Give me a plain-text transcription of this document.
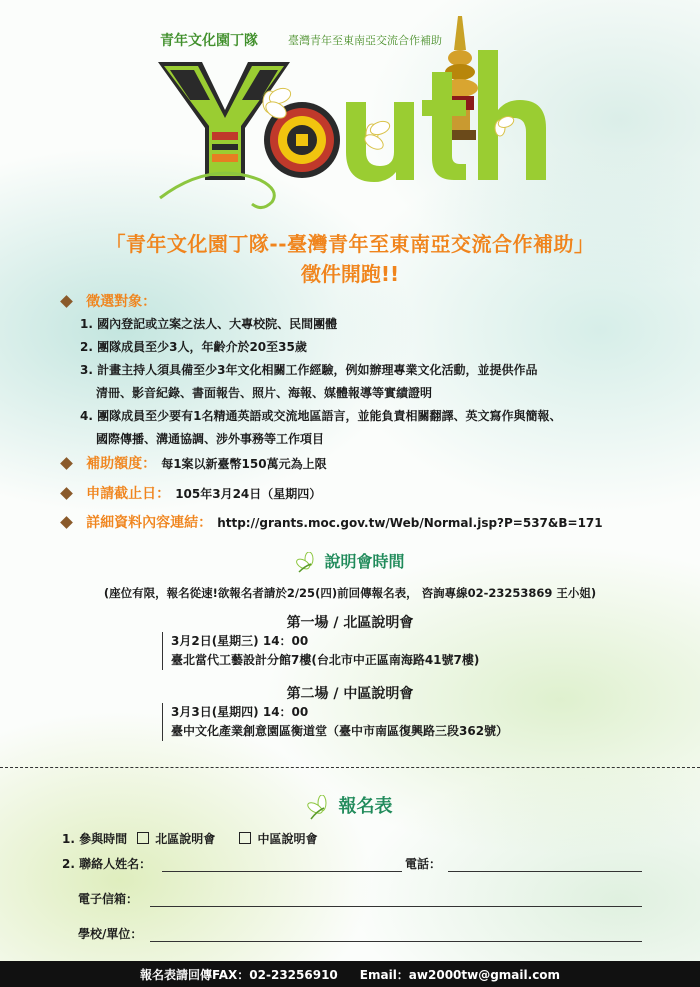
青年文化園丁隊	臺灣青年至東南亞交流合作補助
「青年文化園丁隊--臺灣青年至東南亞交流合作補助」
徵件開跑!!
徵選對象：
1. 國內登記或立案之法人、大專校院、民間團體
2. 團隊成員至少3人，年齡介於20至35歲
3. 計畫主持人須具備至少3年文化相關工作經驗，例如辦理專業文化活動，並提供作品
清冊、影音紀錄、書面報告、照片、海報、媒體報導等實績證明
4. 團隊成員至少要有1名精通英語或交流地區語言，並能負責相關翻譯、英文寫作與簡報、
國際傳播、溝通協調、涉外事務等工作項目
補助額度： 每1案以新臺幣150萬元為上限
申請截止日： 105年3月24日（星期四）
詳細資料內容連結： http://grants.moc.gov.tw/Web/Normal.jsp?P=537&B=171
說明會時間
(座位有限，報名從速!欲報名者請於2/25(四)前回傳報名表， 咨詢專線02-23253869 王小姐)
第一場 / 北區說明會
3月2日(星期三) 14：00
臺北當代工藝設計分館7樓(台北市中正區南海路41號7樓)
第二場 / 中區說明會
3月3日(星期四) 14：00
臺中文化產業創意園區衡道堂（臺中市南區復興路三段362號）
報名表
1. 參與時間 北區說明會	中區說明會
2. 聯絡人姓名：	電話：
電子信箱：
學校/單位：
報名表請回傳FAX：02-23256910 Email：aw2000tw@gmail.com
